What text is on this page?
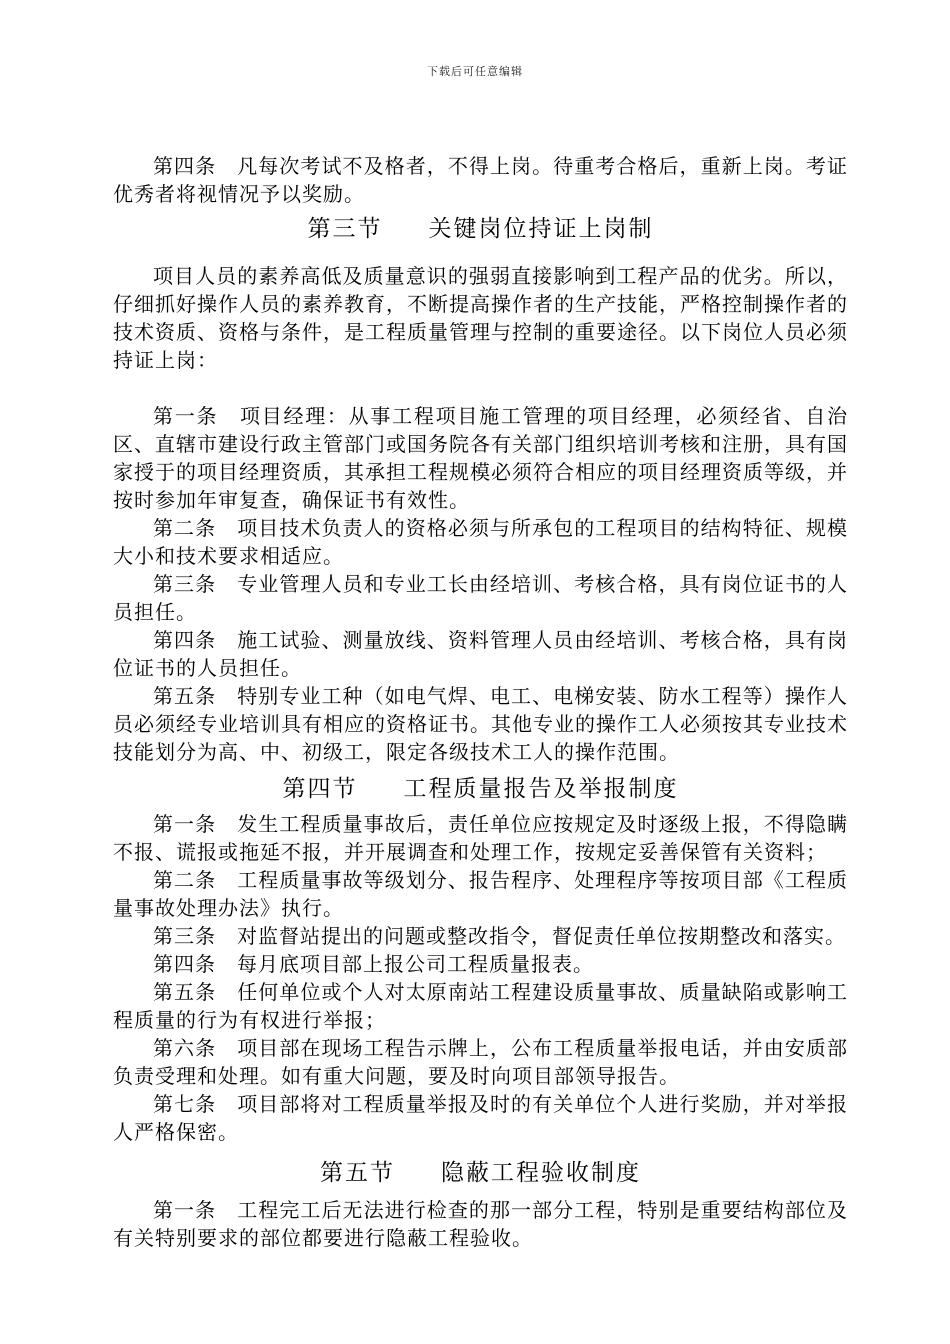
下载后可任意编辑

第四条　凡每次考试不及格者，不得上岗。待重考合格后，重新上岗。考证优秀者将视情况予以奖励。

第三节 关键岗位持证上岗制

项目人员的素养高低及质量意识的强弱直接影响到工程产品的优劣。所以，仔细抓好操作人员的素养教育，不断提高操作者的生产技能，严格控制操作者的技术资质、资格与条件，是工程质量管理与控制的重要途径。以下岗位人员必须持证上岗：

第一条　项目经理：从事工程项目施工管理的项目经理，必须经省、自治区、直辖市建设行政主管部门或国务院各有关部门组织培训考核和注册，具有国家授于的项目经理资质，其承担工程规模必须符合相应的项目经理资质等级，并按时参加年审复查，确保证书有效性。

第二条　项目技术负责人的资格必须与所承包的工程项目的结构特征、规模大小和技术要求相适应。

第三条　专业管理人员和专业工长由经培训、考核合格，具有岗位证书的人员担任。

第四条　施工试验、测量放线、资料管理人员由经培训、考核合格，具有岗位证书的人员担任。

第五条　特别专业工种（如电气焊、电工、电梯安装、防水工程等）操作人员必须经专业培训具有相应的资格证书。其他专业的操作工人必须按其专业技术技能划分为高、中、初级工，限定各级技术工人的操作范围。

第四节 工程质量报告及举报制度

第一条　发生工程质量事故后，责任单位应按规定及时逐级上报，不得隐瞒不报、谎报或拖延不报，并开展调查和处理工作，按规定妥善保管有关资料；

第二条　工程质量事故等级划分、报告程序、处理程序等按项目部《工程质量事故处理办法》执行。

第三条　对监督站提出的问题或整改指令，督促责任单位按期整改和落实。

第四条　每月底项目部上报公司工程质量报表。

第五条　任何单位或个人对太原南站工程建设质量事故、质量缺陷或影响工程质量的行为有权进行举报；

第六条　项目部在现场工程告示牌上，公布工程质量举报电话，并由安质部负责受理和处理。如有重大问题，要及时向项目部领导报告。

第七条　项目部将对工程质量举报及时的有关单位个人进行奖励，并对举报人严格保密。

第五节 隐蔽工程验收制度

第一条　工程完工后无法进行检查的那一部分工程，特别是重要结构部位及有关特别要求的部位都要进行隐蔽工程验收。
